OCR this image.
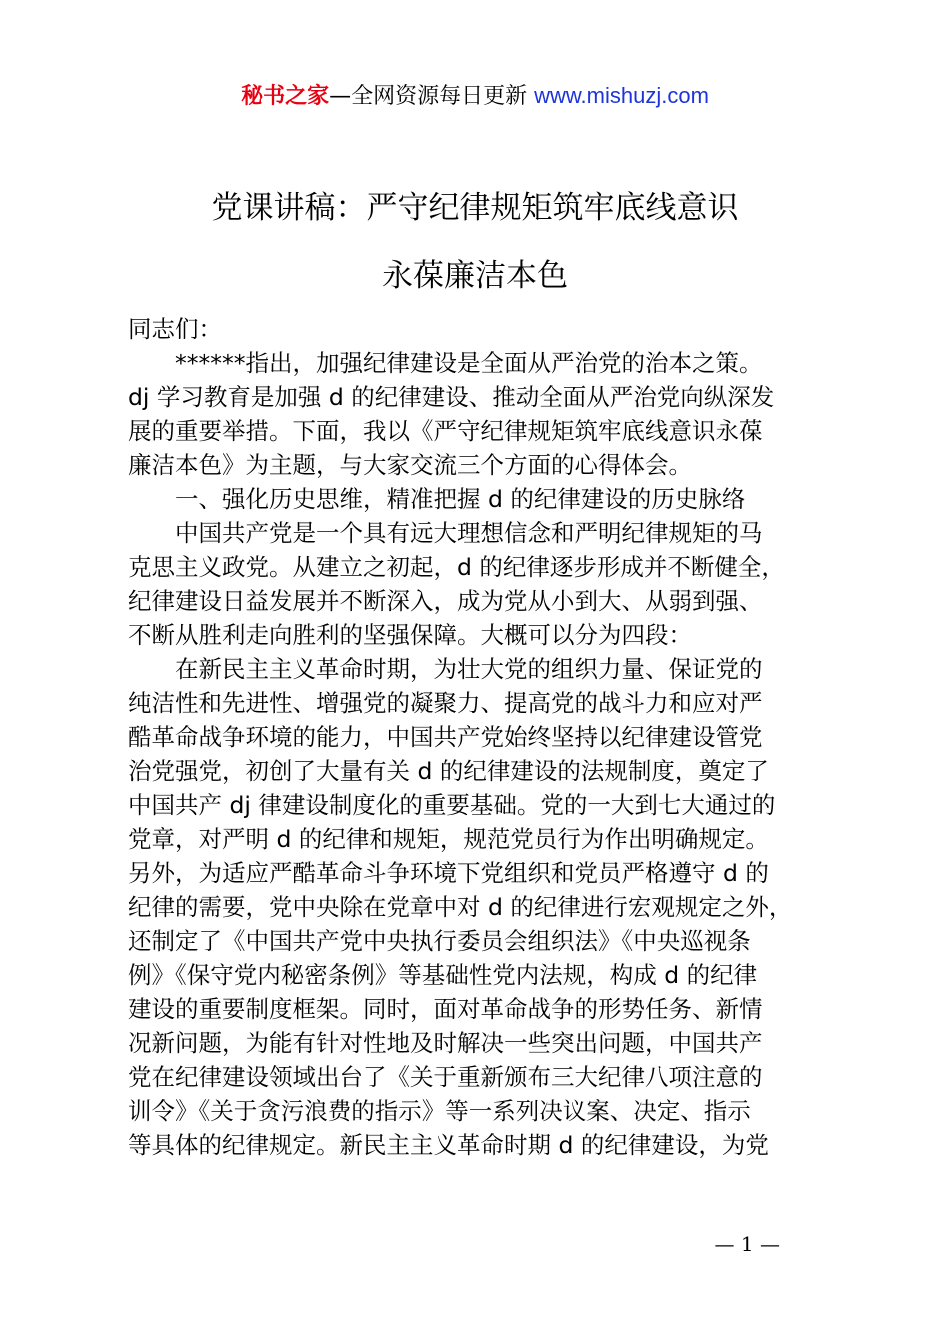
秘书之家—全网资源每日更新 www.mishuzj.com
党课讲稿：严守纪律规矩筑牢底线意识
永葆廉洁本色
同志们：
******指出，加强纪律建设是全面从严治党的治本之策。
dj 学习教育是加强 d 的纪律建设、推动全面从严治党向纵深发
展的重要举措。下面，我以《严守纪律规矩筑牢底线意识永葆
廉洁本色》为主题，与大家交流三个方面的心得体会。
一、强化历史思维，精准把握 d 的纪律建设的历史脉络
中国共产党是一个具有远大理想信念和严明纪律规矩的马
克思主义政党。从建立之初起，d 的纪律逐步形成并不断健全，
纪律建设日益发展并不断深入，成为党从小到大、从弱到强、
不断从胜利走向胜利的坚强保障。大概可以分为四段：
在新民主主义革命时期，为壮大党的组织力量、保证党的
纯洁性和先进性、增强党的凝聚力、提高党的战斗力和应对严
酷革命战争环境的能力，中国共产党始终坚持以纪律建设管党
治党强党，初创了大量有关 d 的纪律建设的法规制度，奠定了
中国共产 dj 律建设制度化的重要基础。党的一大到七大通过的
党章，对严明 d 的纪律和规矩，规范党员行为作出明确规定。
另外，为适应严酷革命斗争环境下党组织和党员严格遵守 d 的
纪律的需要，党中央除在党章中对 d 的纪律进行宏观规定之外，
还制定了《中国共产党中央执行委员会组织法》《中央巡视条
例》《保守党内秘密条例》等基础性党内法规，构成 d 的纪律
建设的重要制度框架。同时，面对革命战争的形势任务、新情
况新问题，为能有针对性地及时解决一些突出问题，中国共产
党在纪律建设领域出台了《关于重新颁布三大纪律八项注意的
训令》《关于贪污浪费的指示》等一系列决议案、决定、指示
等具体的纪律规定。新民主主义革命时期 d 的纪律建设，为党
— 1 —
